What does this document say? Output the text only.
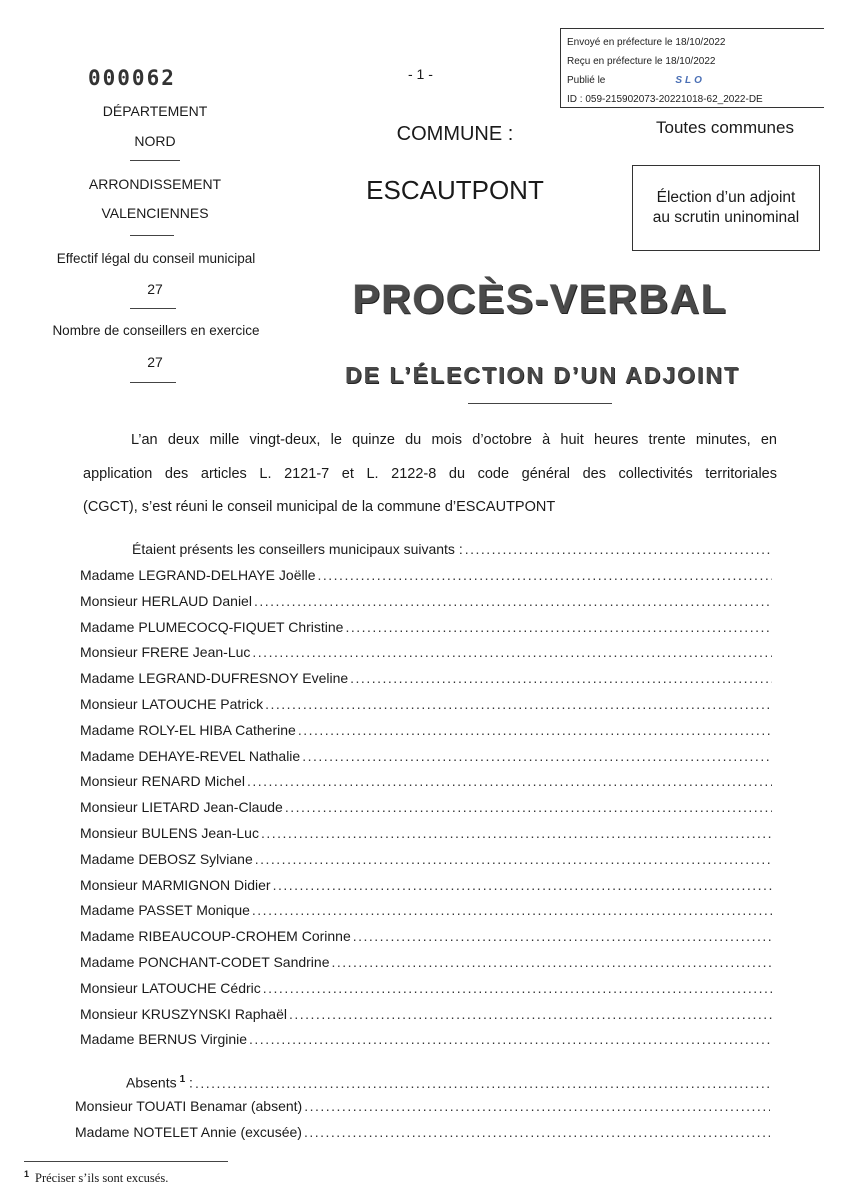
Envoyé en préfecture le 18/10/2022
Reçu en préfecture le 18/10/2022
Publié le	SLO
ID : 059-215902073-20221018-62_2022-DE
000062
DÉPARTEMENT
NORD
ARRONDISSEMENT
VALENCIENNES
Effectif légal du conseil municipal
27
Nombre de conseillers en exercice
27
- 1 -
COMMUNE :
ESCAUTPONT
Toutes communes
Élection d’un adjoint
au scrutin uninominal
PROCÈS-VERBAL
DE L’ÉLECTION D’UN ADJOINT
L’an deux mille vingt-deux, le quinze du mois d’octobre à huit heures trente minutes, en
application des articles L. 2121-7 et L. 2122-8 du code général des collectivités territoriales
(CGCT), s’est réuni le conseil municipal de la commune d’ESCAUTPONT
Étaient présents les conseillers municipaux suivants :
.....
Madame LEGRAND-DELHAYE Joëlle
.....
Monsieur HERLAUD Daniel
.....
Madame PLUMECOCQ-FIQUET Christine
.....
Monsieur FRERE Jean-Luc
.....
Madame LEGRAND-DUFRESNOY Eveline
.....
Monsieur LATOUCHE Patrick
.....
Madame ROLY-EL HIBA Catherine
.....
Madame DEHAYE-REVEL Nathalie
.....
Monsieur RENARD Michel
.....
Monsieur LIETARD Jean-Claude
.....
Monsieur BULENS Jean-Luc
.....
Madame DEBOSZ Sylviane
.....
Monsieur MARMIGNON Didier
.....
Madame PASSET Monique
.....
Madame RIBEAUCOUP-CROHEM Corinne
.....
Madame PONCHANT-CODET Sandrine
.....
Monsieur LATOUCHE Cédric
.....
Monsieur KRUSZYNSKI Raphaël
.....
Madame BERNUS Virginie
.....
Absents $^1$ :
.....
Monsieur TOUATI Benamar (absent)
.....
Madame NOTELET Annie (excusée)
.....
$^1$ Préciser s’ils sont excusés.
